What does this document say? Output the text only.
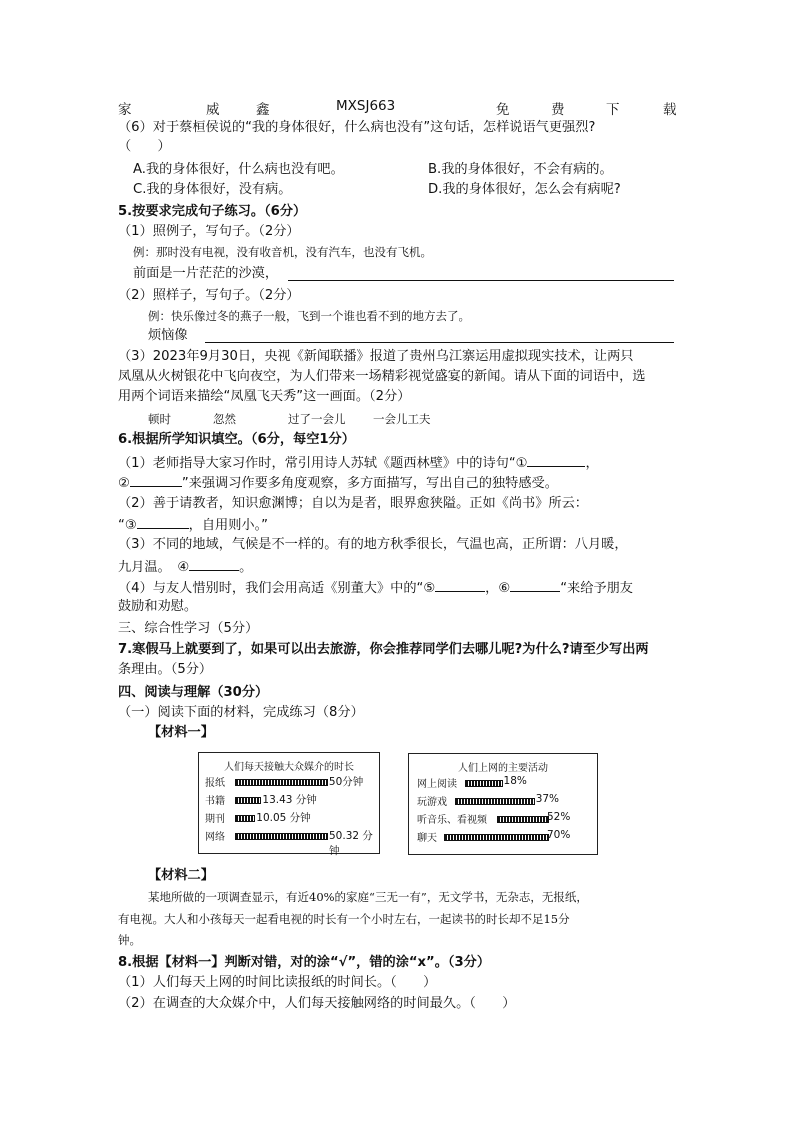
家	威	鑫	MXSJ663	免	费	下	载
（6）对于蔡桓侯说的“我的身体很好，什么病也没有”这句话，怎样说语气更强烈?
（　　）
A.我的身体很好，什么病也没有吧。	B.我的身体很好，不会有病的。
C.我的身体很好，没有病。	D.我的身体很好，怎么会有病呢?
5.按要求完成句子练习。（6分）
（1）照例子，写句子。（2分）
例：那时没有电视，没有收音机，没有汽车，也没有飞机。
前面是一片茫茫的沙漠，
（2）照样子，写句子。（2分）
例：快乐像过冬的燕子一般，飞到一个谁也看不到的地方去了。
烦恼像
（3）2023年9月30日，央视《新闻联播》报道了贵州乌江寨运用虚拟现实技术，让两只
凤凰从火树银花中飞向夜空，为人们带来一场精彩视觉盛宴的新闻。请从下面的词语中，选
用两个词语来描绘“凤凰飞天秀”这一画面。（2分）
顿时	忽然	过了一会儿 一会儿工夫
6.根据所学知识填空。（6分，每空1分）
（1）老师指导大家习作时，常引用诗人苏轼《题西林壁》中的诗句“①	，
②	”来强调习作要多角度观察，多方面描写，写出自己的独特感受。
（2）善于请教者，知识愈渊博；自以为是者，眼界愈狭隘。正如《尚书》所云：
“③	，自用则小。”
（3）不同的地域，气候是不一样的。有的地方秋季很长，气温也高，正所谓：八月暖，
九月温。　④	。
（4）与友人惜别时，我们会用高适《别董大》中的“⑤	，⑥	“来给予朋友
鼓励和劝慰。
三、综合性学习（5分）
7.寒假马上就要到了，如果可以出去旅游，你会推荐同学们去哪儿呢?为什么?请至少写出两
条理由。（5分）
四、阅读与理解（30分）
（一）阅读下面的材料，完成练习（8分）
【材料一】
人们每天接触大众媒介的时长
报纸	50分钟
书籍	13.43 分钟
期刊	10.05 分钟
网络	50.32 分钟
人们上网的主要活动
网上阅读	18%
玩游戏	37%
听音乐、看视频	52%
聊天	70%
【材料二】
某地所做的一项调查显示，有近40%的家庭“三无一有”，无文学书，无杂志，无报纸，
有电视。大人和小孩每天一起看电视的时长有一个小时左右，一起读书的时长却不足15分
钟。
8.根据【材料一】判断对错，对的涂“√”，错的涂“x”。（3分）
（1）人们每天上网的时间比读报纸的时间长。（　　）
（2）在调查的大众媒介中，人们每天接触网络的时间最久。（　　）
